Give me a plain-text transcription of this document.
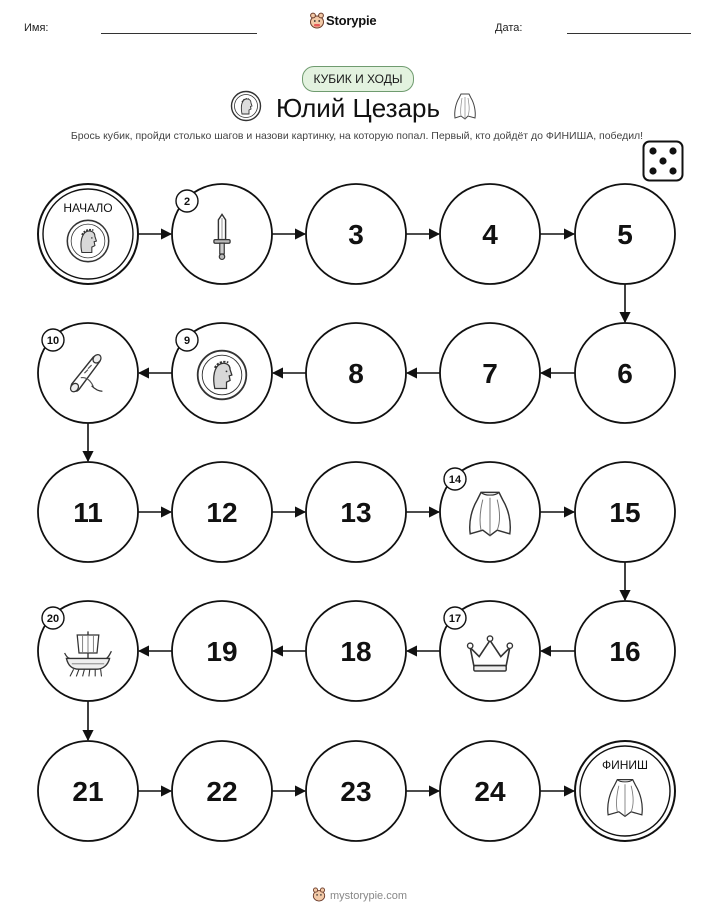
Имя:	Дата:
Storypie
КУБИК И ХОДЫ
Юлий Цезарь
Брось кубик, пройди столько шагов и назови картинку, на которую попал. Первый, кто дойдёт до ФИНИША, победил!
НАЧАЛО	2
3	4	5
6
7
8
9
10
11	12	13
14
15
16
17
18
19
20
21	22	23	24
ФИНИШ
mystorypie.com
